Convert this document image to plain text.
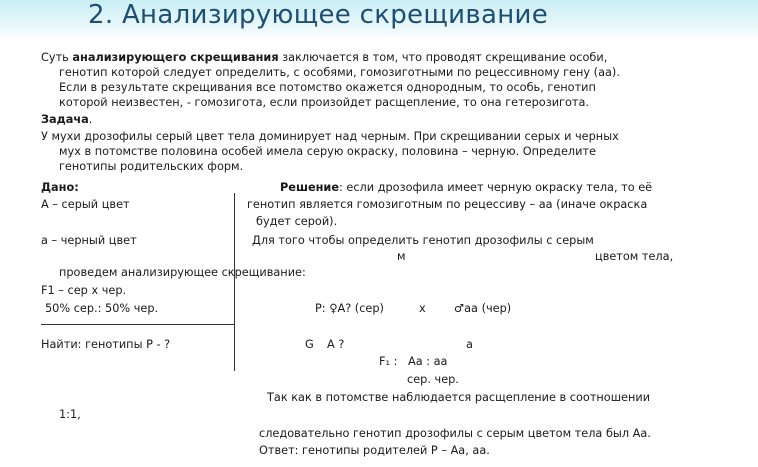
2. Анализирующее скрещивание
Суть анализирующего скрещивания заключается в том, что проводят скрещивание особи,
генотип которой следует определить, с особями, гомозиготными по рецессивному гену (аа).
Если в результате скрещивания все потомство окажется однородным, то особь, генотип
которой неизвестен, - гомозигота, если произойдет расщепление, то она гетерозигота.
Задача.
У мухи дрозофилы серый цвет тела доминирует над черным. При скрещивании серых и черных
мух в потомстве половина особей имела серую окраску, половина – черную. Определите
генотипы родительских форм.
Дано:
А – серый цвет
а – черный цвет
F1 – сер х чер.
50% сер.: 50% чер.
Найти: генотипы Р - ?
Решение: если дрозофила имеет черную окраску тела, то её
генотип является гомозиготным по рецессиву – аа (иначе окраска
будет серой).
Для того чтобы определить генотип дрозофилы с серым
м	цветом тела,
проведем анализирующее скрещивание:
Р: ♀А? (сер)	х	♂аа (чер)
G А ?	а
F₁ : Аа : аа
сер. чер.
Так как в потомстве наблюдается расщепление в соотношении
1:1,
следовательно генотип дрозофилы с серым цветом тела был Аа.
Ответ: генотипы родителей Р – Аа, аа.
